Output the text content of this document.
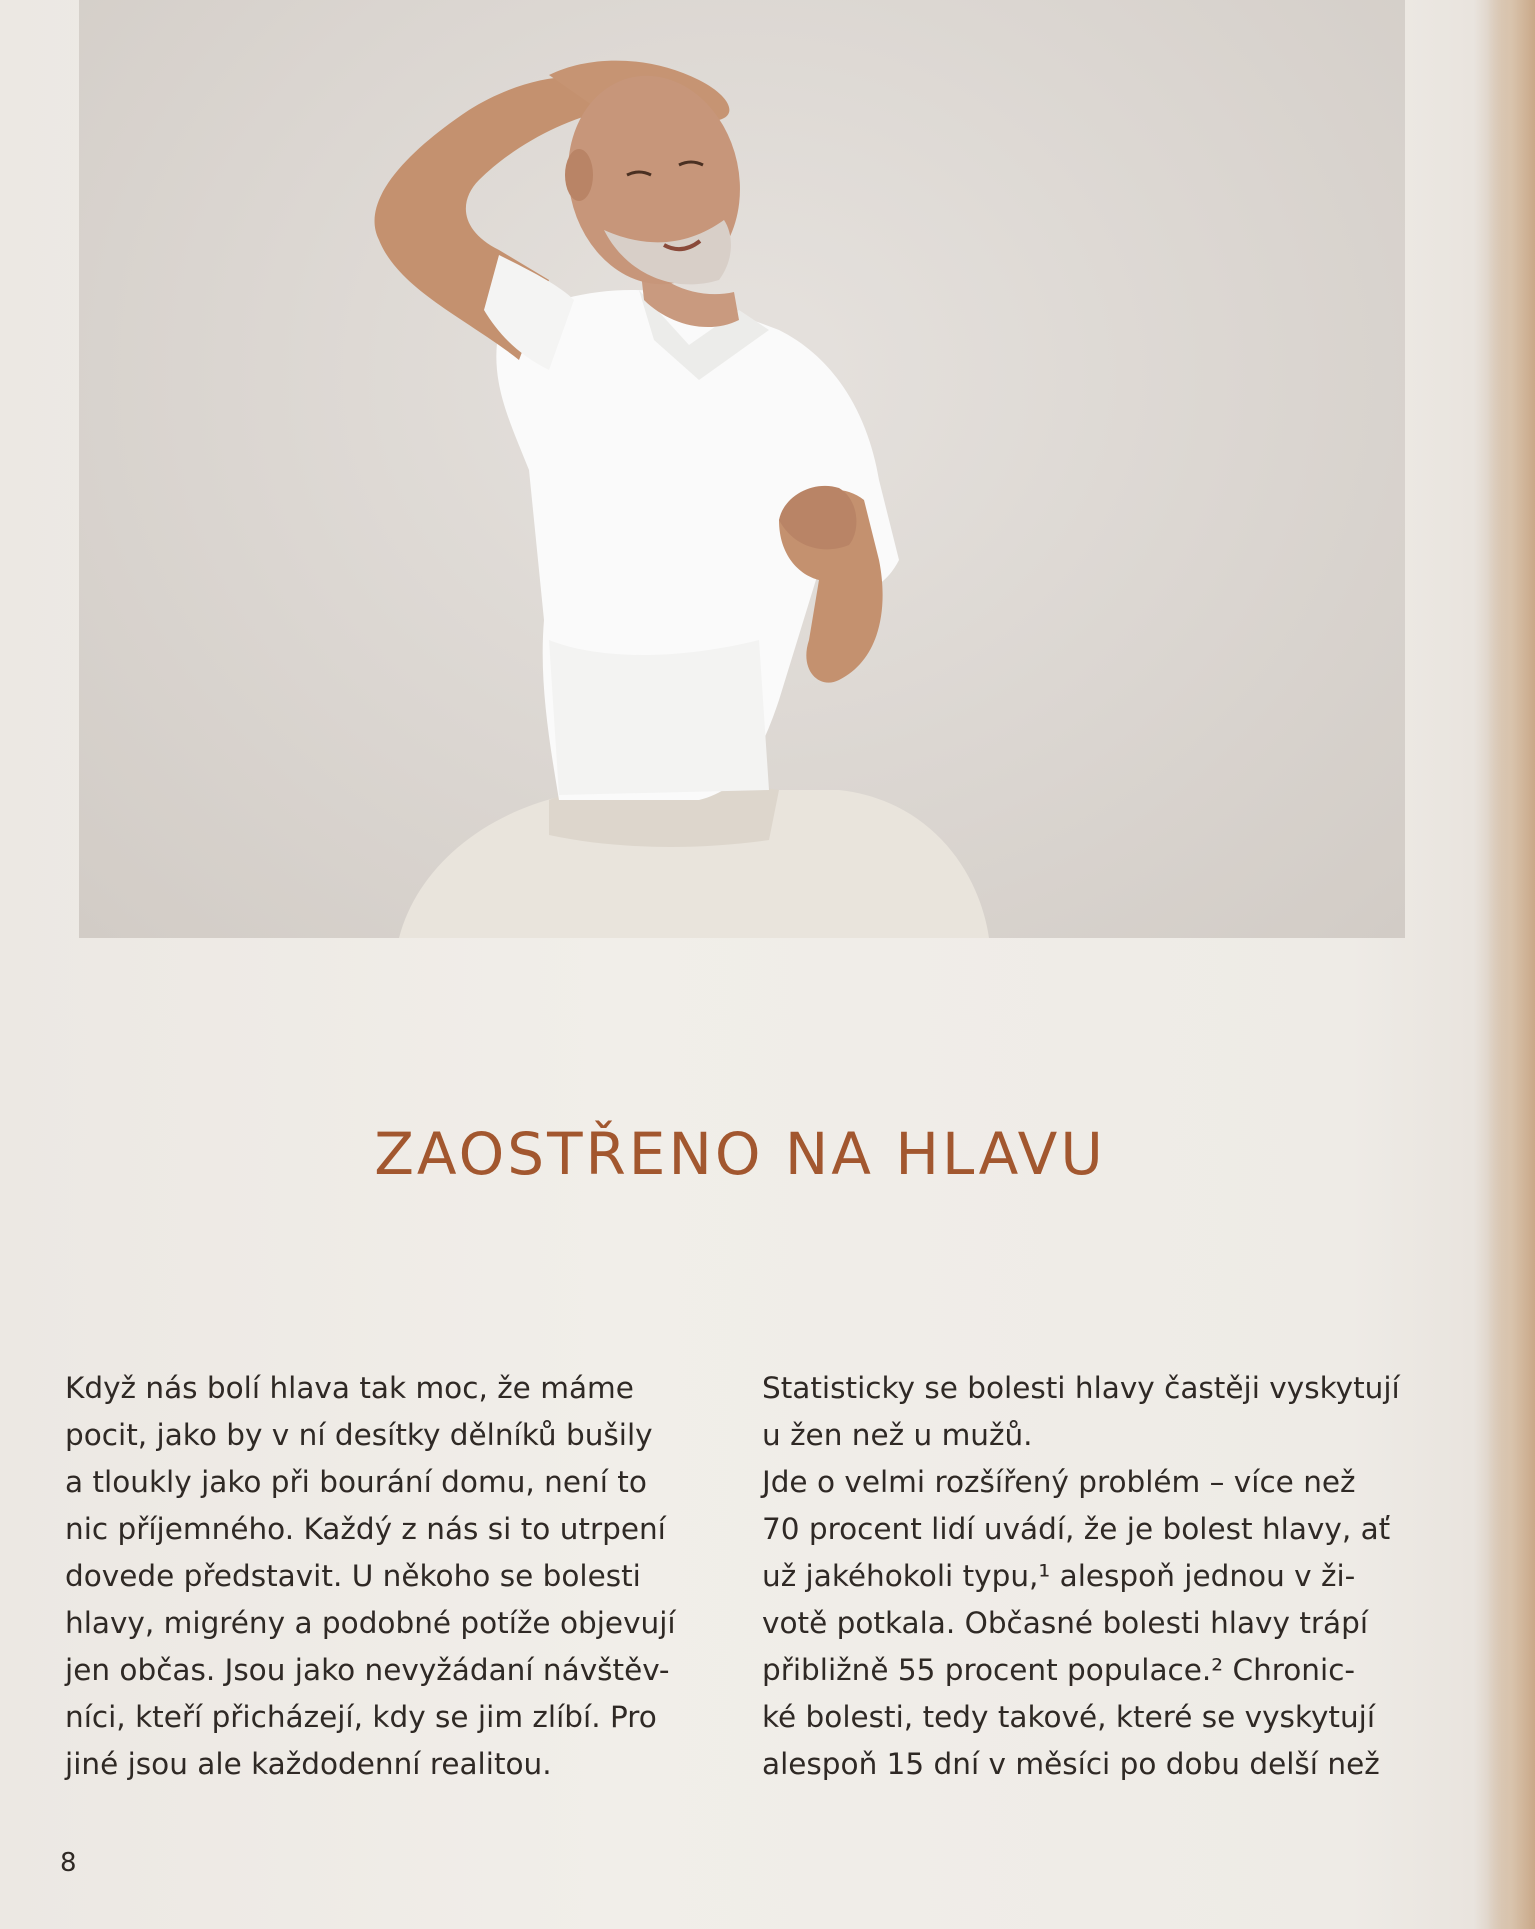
ZAOSTŘENO NA HLAVU

Když nás bolí hlava tak moc, že máme

pocit, jako by v ní desítky dělníků bušily

a tloukly jako při bourání domu, není to

nic příjemného. Každý z nás si to utrpení

dovede představit. U někoho se bolesti

hlavy, migrény a podobné potíže objevují

jen občas. Jsou jako nevyžádaní návštěv-

níci, kteří přicházejí, kdy se jim zlíbí. Pro

jiné jsou ale každodenní realitou.

Statisticky se bolesti hlavy častěji vyskytují

u žen než u mužů.

Jde o velmi rozšířený problém – více než

70 procent lidí uvádí, že je bolest hlavy, ať

už jakéhokoli typu,¹ alespoň jednou v ži-

votě potkala. Občasné bolesti hlavy trápí

přibližně 55 procent populace.² Chronic-

ké bolesti, tedy takové, které se vyskytují

alespoň 15 dní v měsíci po dobu delší než

8
